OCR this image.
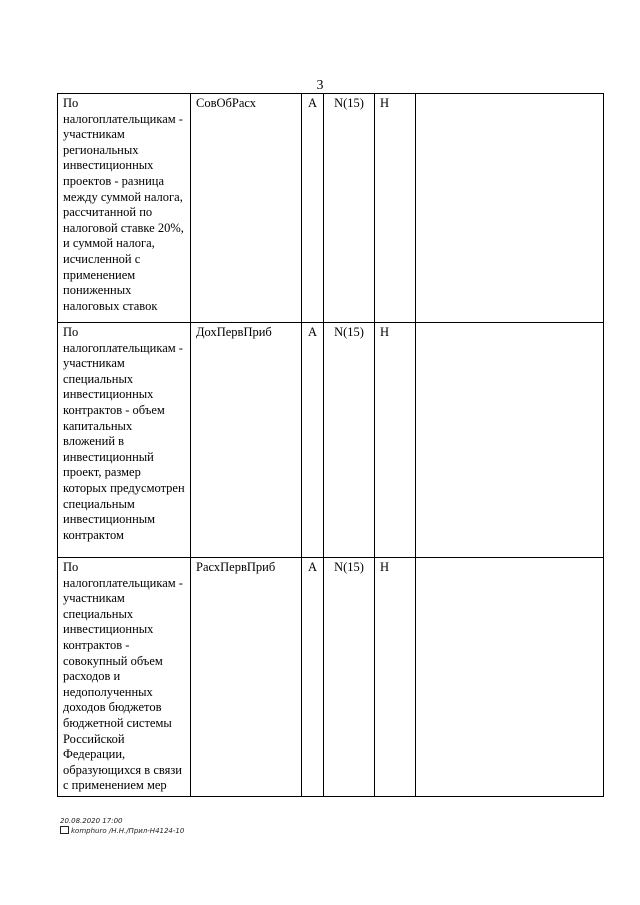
3
По налогоплательщикам - участникам региональных инвестиционных проектов - разница между суммой налога, рассчитанной по налоговой ставке 20%, и суммой налога, исчисленной с применением пониженных налоговых ставок	СовОбРасх	А	N(15)	Н	
По налогоплательщикам - участникам специальных инвестиционных контрактов - объем капитальных вложений в инвестиционный проект, размер которых предусмотрен специальным инвестиционным контрактом	ДохПервПриб	А	N(15)	Н	
По налогоплательщикам - участникам специальных инвестиционных контрактов - совокупный объем расходов и недополученных доходов бюджетов бюджетной системы Российской Федерации, образующихся в связи с применением мер	РасхПервПриб	А	N(15)	Н	
20.08.2020 17:00
komphuro /Н.Н./Прил-Н4124-10
